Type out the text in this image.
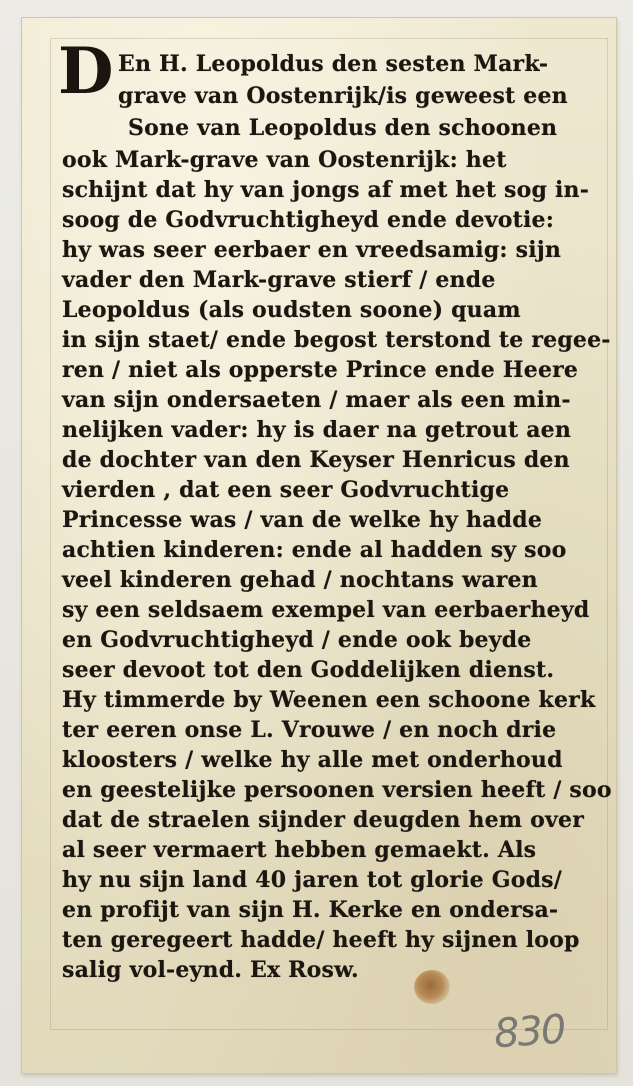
D En H. Leopoldus den sesten Mark-
grave van Oostenrijk/is geweest een
Sone van Leopoldus den schoonen
ook Mark-grave van Oostenrijk: het
schijnt dat hy van jongs af met het sog in-
soog de Godvruchtigheyd ende devotie:
hy was seer eerbaer en vreedsamig: sijn
vader den Mark-grave stierf / ende
Leopoldus (als oudsten soone) quam
in sijn staet/ ende begost terstond te regee-
ren / niet als opperste Prince ende Heere
van sijn ondersaeten / maer als een min-
nelijken vader: hy is daer na getrout aen
de dochter van den Keyser Henricus den
vierden , dat een seer Godvruchtige
Princesse was / van de welke hy hadde
achtien kinderen: ende al hadden sy soo
veel kinderen gehad / nochtans waren
sy een seldsaem exempel van eerbaerheyd
en Godvruchtigheyd / ende ook beyde
seer devoot tot den Goddelijken dienst.
Hy timmerde by Weenen een schoone kerk
ter eeren onse L. Vrouwe / en noch drie
kloosters / welke hy alle met onderhoud
en geestelijke persoonen versien heeft / soo
dat de straelen sijnder deugden hem over
al seer vermaert hebben gemaekt. Als
hy nu sijn land 40 jaren tot glorie Gods/
en profijt van sijn H. Kerke en ondersa-
ten geregeert hadde/ heeft hy sijnen loop
salig vol-eynd. Ex Rosw.
830
